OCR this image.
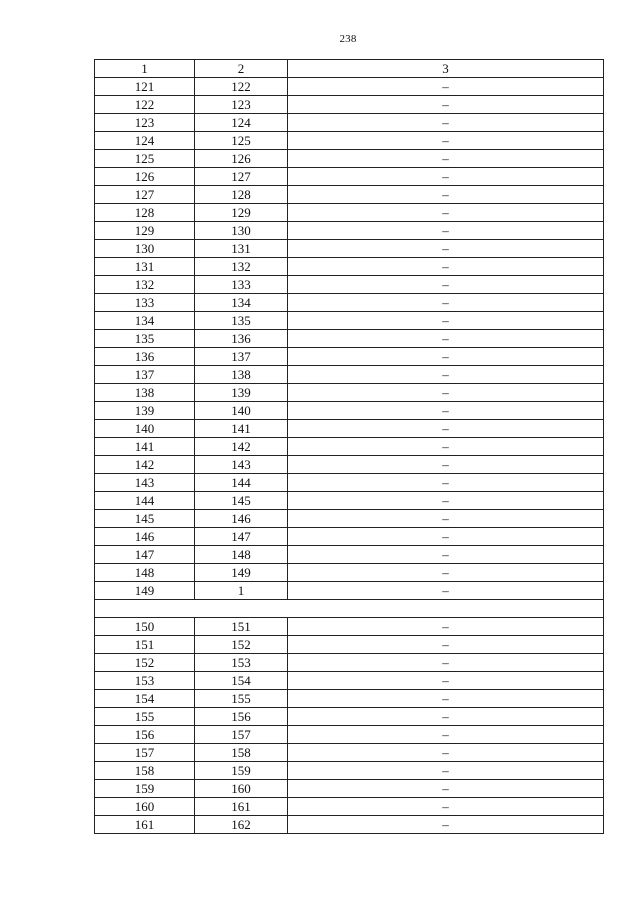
238
1	2	3
121	122	–
122	123	–
123	124	–
124	125	–
125	126	–
126	127	–
127	128	–
128	129	–
129	130	–
130	131	–
131	132	–
132	133	–
133	134	–
134	135	–
135	136	–
136	137	–
137	138	–
138	139	–
139	140	–
140	141	–
141	142	–
142	143	–
143	144	–
144	145	–
145	146	–
146	147	–
147	148	–
148	149	–
149	1	–

150	151	–
151	152	–
152	153	–
153	154	–
154	155	–
155	156	–
156	157	–
157	158	–
158	159	–
159	160	–
160	161	–
161	162	–
